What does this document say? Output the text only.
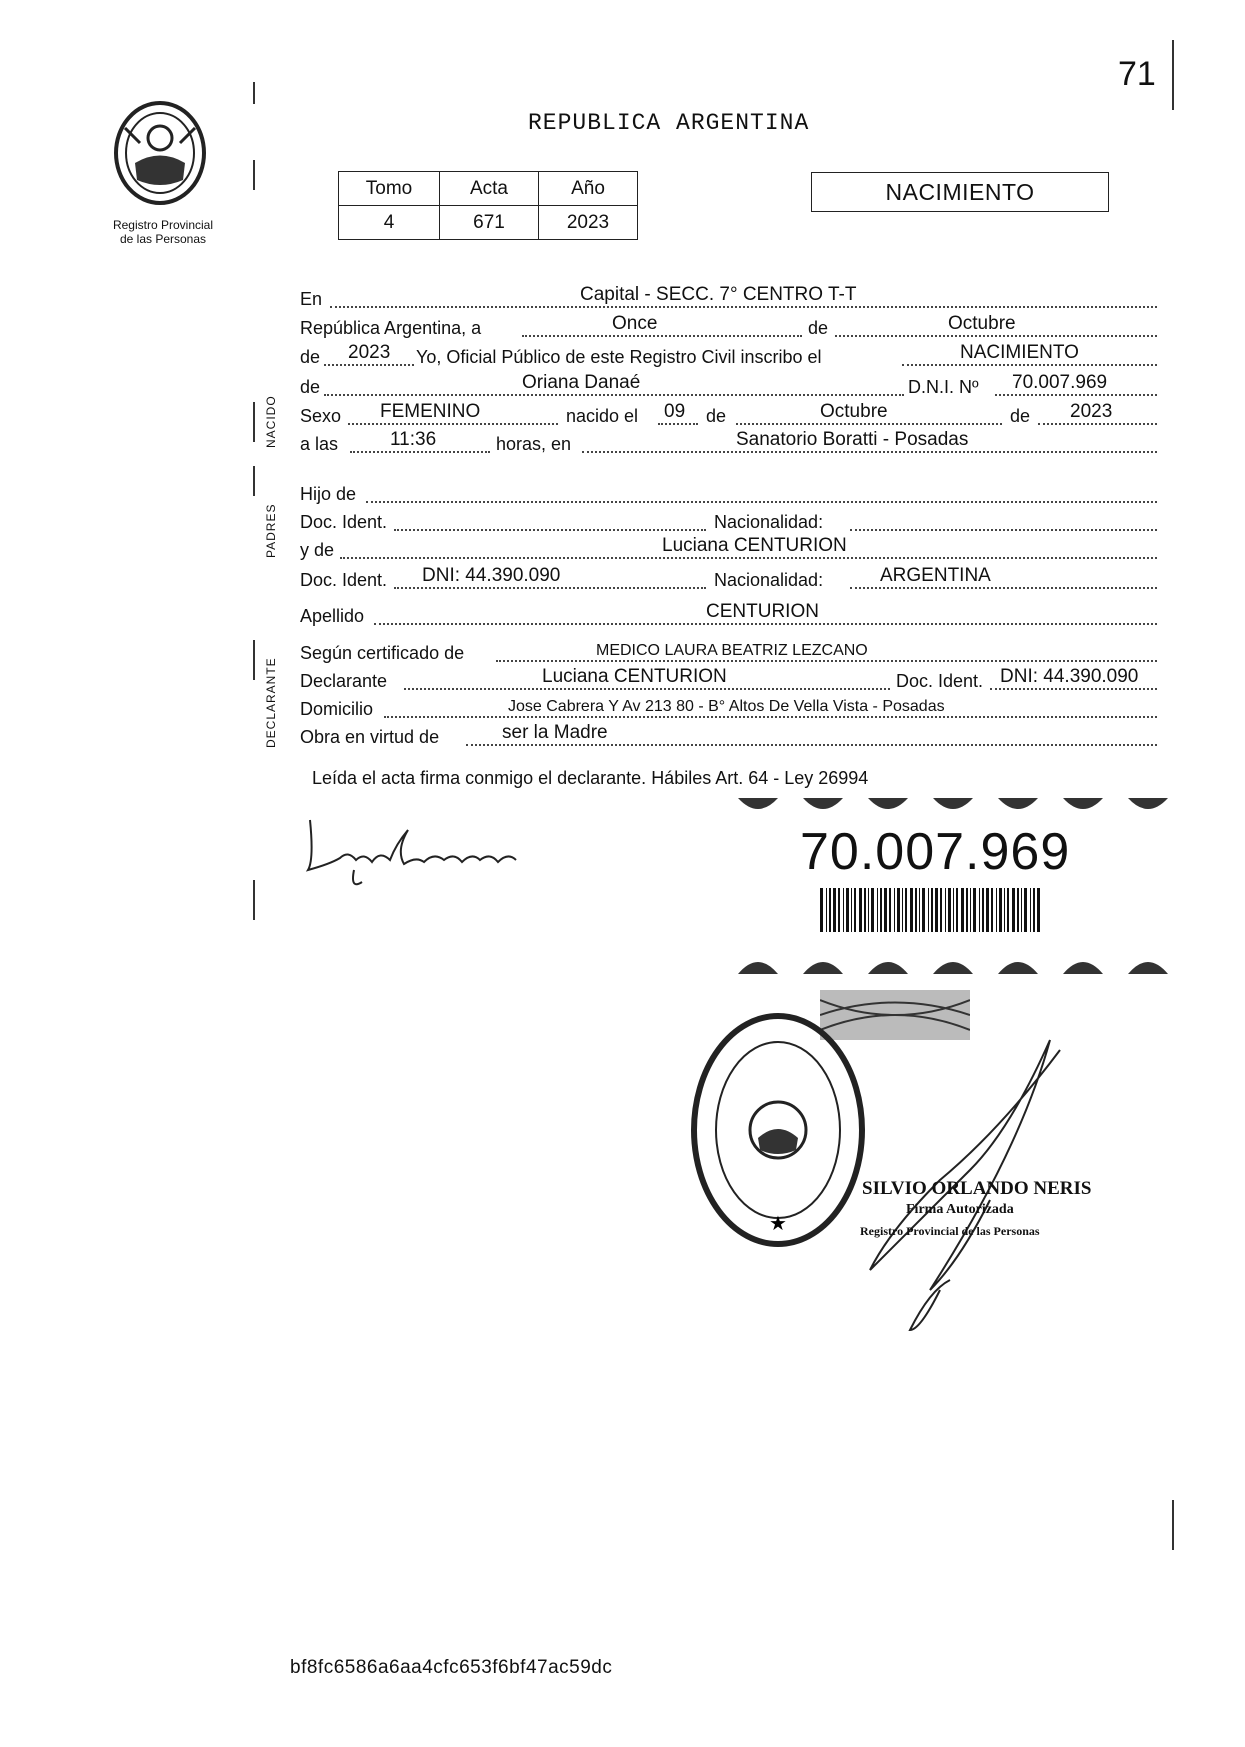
71
REPUBLICA ARGENTINA
Registro Provincial
de las Personas
Tomo	Acta	Año
4	671	2023
NACIMIENTO
NACIDO
PADRES
DECLARANTE
En	Capital - SECC. 7° CENTRO T-T
República Argentina, a	Once	de	Octubre
de 2023 Yo, Oficial Público de este Registro Civil inscribo el	NACIMIENTO
de	Oriana Danaé	D.N.I. Nº 70.007.969
Sexo FEMENINO	nacido el 09 de	Octubre	de 2023
a las	11:36	horas, en	Sanatorio Boratti - Posadas
Hijo de
Doc. Ident.	Nacionalidad:
y de	Luciana CENTURION
Doc. Ident. DNI: 44.390.090	Nacionalidad:	ARGENTINA
Apellido	CENTURION
Según certificado de	MEDICO LAURA BEATRIZ LEZCANO
Declarante	Luciana CENTURION	Doc. Ident. DNI: 44.390.090
Domicilio	Jose Cabrera Y Av 213 80 - B° Altos De Vella Vista - Posadas
Obra en virtud de	ser la Madre
Leída el acta firma conmigo el declarante. Hábiles Art. 64 - Ley 26994
70.007.969
★
SILVIO ORLANDO NERIS
Firma Autorizada
Registro Provincial de las Personas
bf8fc6586a6aa4cfc653f6bf47ac59dc
